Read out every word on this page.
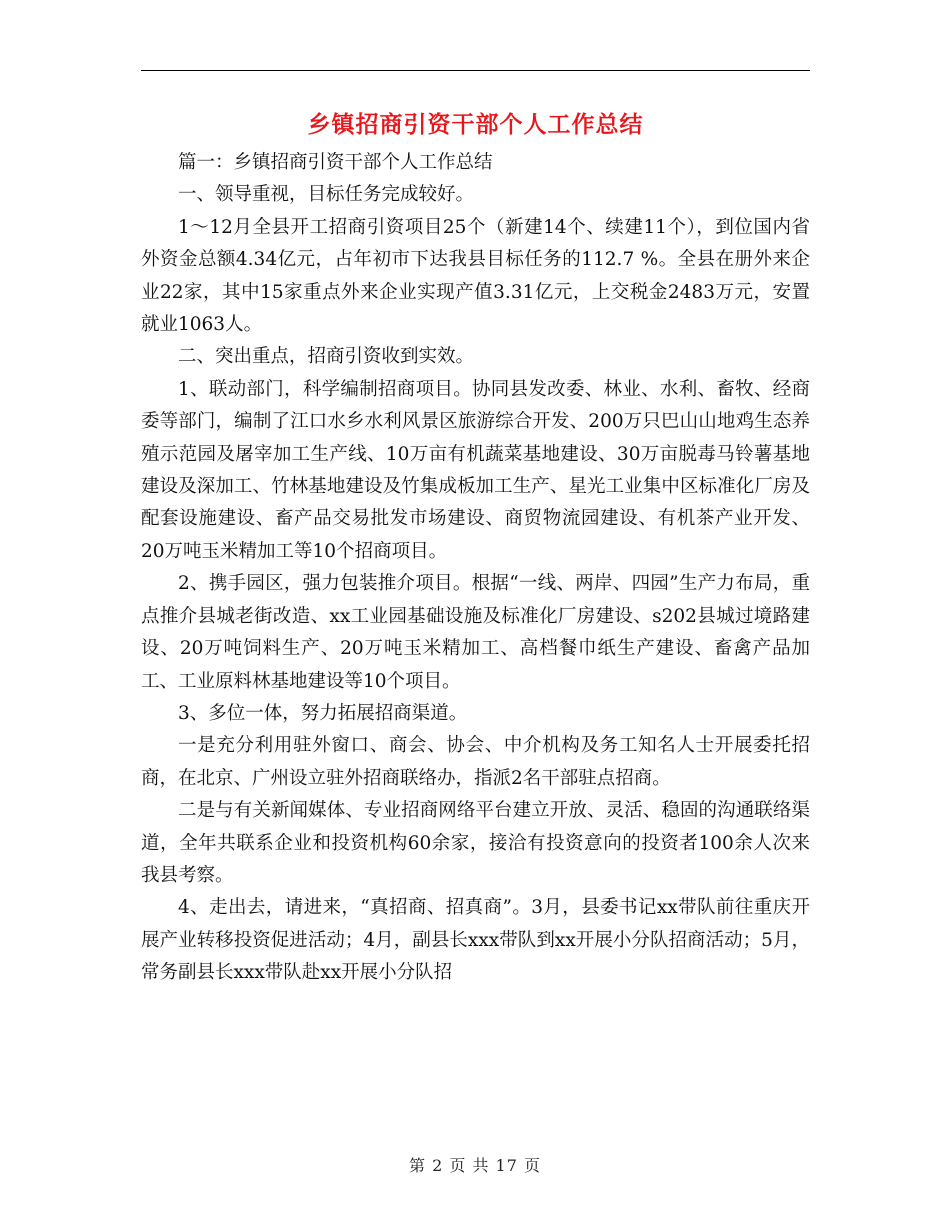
乡镇招商引资干部个人工作总结

篇一：乡镇招商引资干部个人工作总结

一、领导重视，目标任务完成较好。

1～12月全县开工招商引资项目25个（新建14个、续建11个），到位国内省外资金总额4.34亿元，占年初市下达我县目标任务的112.7 %。全县在册外来企业22家，其中15家重点外来企业实现产值3.31亿元，上交税金2483万元，安置就业1063人。

二、突出重点，招商引资收到实效。

1、联动部门，科学编制招商项目。协同县发改委、林业、水利、畜牧、经商委等部门，编制了江口水乡水利风景区旅游综合开发、200万只巴山山地鸡生态养殖示范园及屠宰加工生产线、10万亩有机蔬菜基地建设、30万亩脱毒马铃薯基地建设及深加工、竹林基地建设及竹集成板加工生产、星光工业集中区标准化厂房及配套设施建设、畜产品交易批发市场建设、商贸物流园建设、有机茶产业开发、20万吨玉米精加工等10个招商项目。

2、携手园区，强力包装推介项目。根据“一线、两岸、四园”生产力布局，重点推介县城老街改造、xx工业园基础设施及标准化厂房建设、s202县城过境路建设、20万吨饲料生产、20万吨玉米精加工、高档餐巾纸生产建设、畜禽产品加工、工业原料林基地建设等10个项目。

3、多位一体，努力拓展招商渠道。

一是充分利用驻外窗口、商会、协会、中介机构及务工知名人士开展委托招商，在北京、广州设立驻外招商联络办，指派2名干部驻点招商。

二是与有关新闻媒体、专业招商网络平台建立开放、灵活、稳固的沟通联络渠道，全年共联系企业和投资机构60余家，接洽有投资意向的投资者100余人次来我县考察。

4、走出去，请进来，“真招商、招真商”。3月，县委书记xx带队前往重庆开展产业转移投资促进活动；4月，副县长xxx带队到xx开展小分队招商活动；5月，常务副县长xxx带队赴xx开展小分队招

第 2 页 共 17 页
